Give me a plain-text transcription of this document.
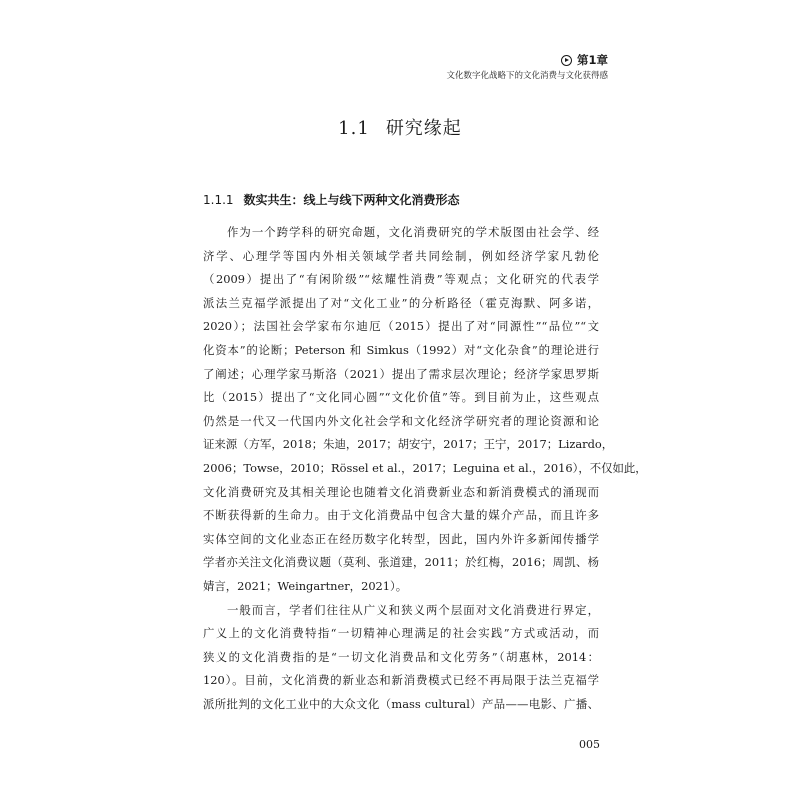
第1章
文化数字化战略下的文化消费与文化获得感
1.1 研究缘起
1.1.1 数实共生：线上与线下两种文化消费形态
作为一个跨学科的研究命题，文化消费研究的学术版图由社会学、经
济学、心理学等国内外相关领域学者共同绘制，例如经济学家凡勃伦
（2009）提出了“有闲阶级”“炫耀性消费”等观点；文化研究的代表学
派法兰克福学派提出了对“文化工业”的分析路径（霍克海默、阿多诺，
2020）；法国社会学家布尔迪厄（2015）提出了对“同源性”“品位”“文
化资本”的论断；Peterson 和 Simkus（1992）对“文化杂食”的理论进行
了阐述；心理学家马斯洛（2021）提出了需求层次理论；经济学家思罗斯
比（2015）提出了“文化同心圆”“文化价值”等。到目前为止，这些观点
仍然是一代又一代国内外文化社会学和文化经济学研究者的理论资源和论
证来源（方军，2018；朱迪，2017；胡安宁，2017；王宁，2017；Lizardo，
2006；Towse，2010；Rössel et al.，2017；Leguina et al.，2016），不仅如此，
文化消费研究及其相关理论也随着文化消费新业态和新消费模式的涌现而
不断获得新的生命力。由于文化消费品中包含大量的媒介产品，而且许多
实体空间的文化业态正在经历数字化转型，因此，国内外许多新闻传播学
学者亦关注文化消费议题（莫利、张道建，2011；於红梅，2016；周凯、杨
婧言，2021；Weingartner，2021）。
一般而言，学者们往往从广义和狭义两个层面对文化消费进行界定，
广义上的文化消费特指“一切精神心理满足的社会实践”方式或活动，而
狭义的文化消费指的是“一切文化消费品和文化劳务”（胡惠林，2014：
120）。目前，文化消费的新业态和新消费模式已经不再局限于法兰克福学
派所批判的文化工业中的大众文化（mass cultural）产品——电影、广播、
005
